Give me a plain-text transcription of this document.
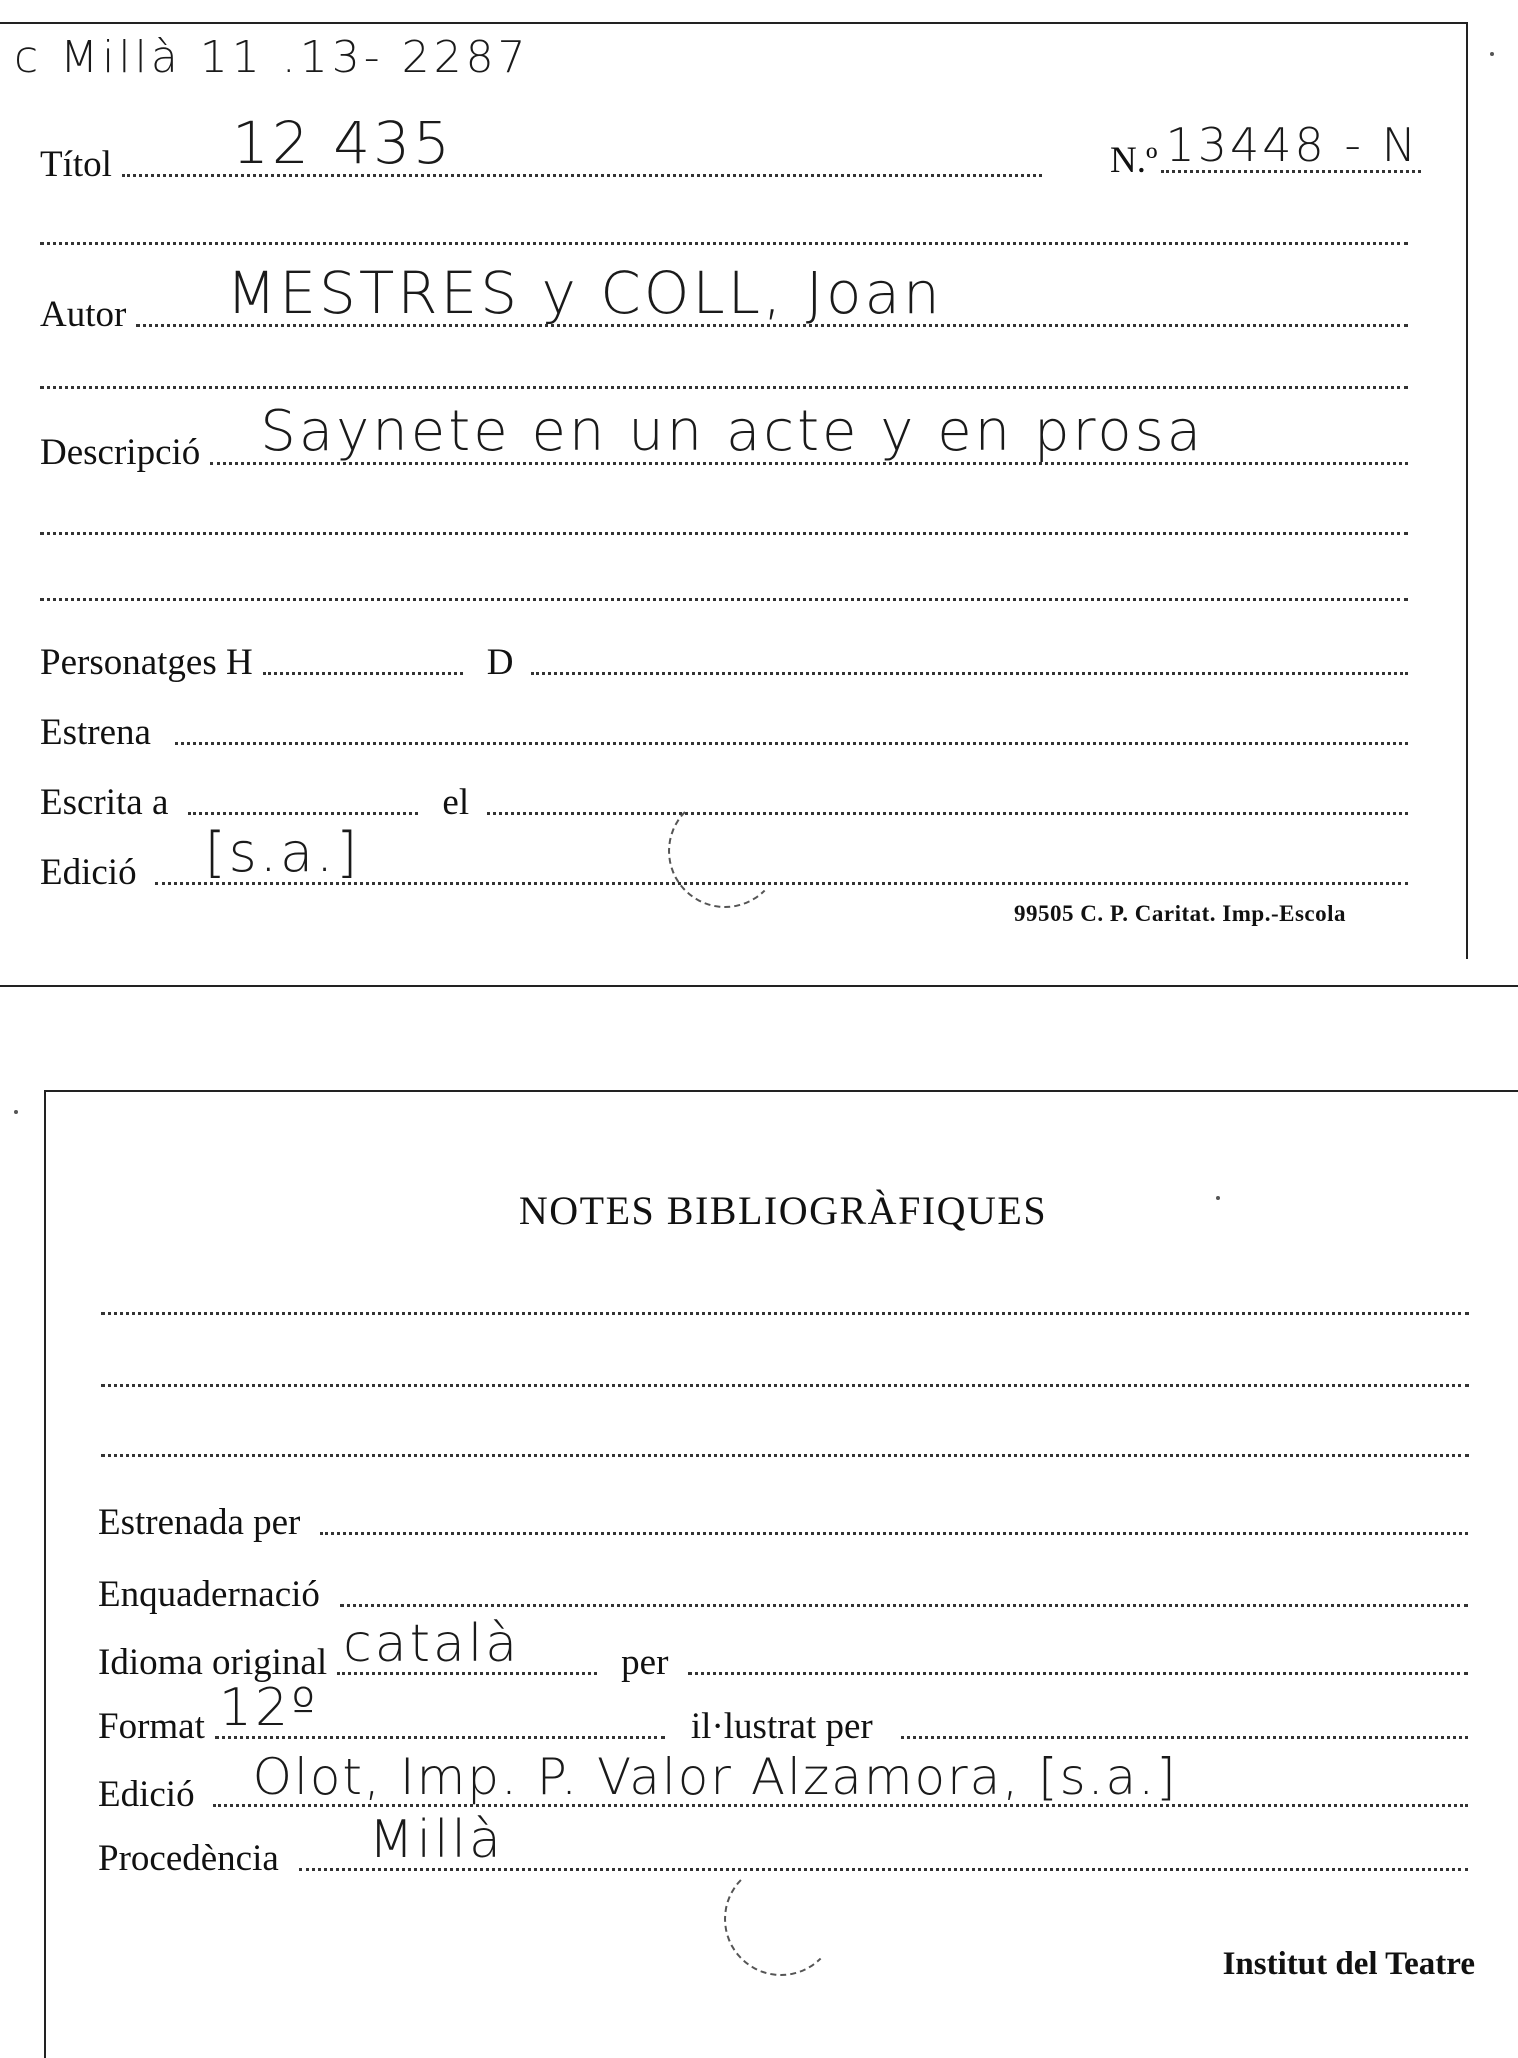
c Millà 11 .13- 2287
Títol 12 435	N.º 13448 - N
Autor MESTRES y COLL, Joan
Descripció Saynete en un acte y en prosa
Personatges H	D
Estrena
Escrita a	el
Edició [s.a.]
99505 C. P. Caritat. Imp.-Escola
NOTES BIBLIOGRÀFIQUES
Estrenada per
Enquadernació
Idioma original català	per
Format 12º	il·lustrat per
Edició Olot, Imp. P. Valor Alzamora, [s.a.]
Procedència Millà
Institut del Teatre
